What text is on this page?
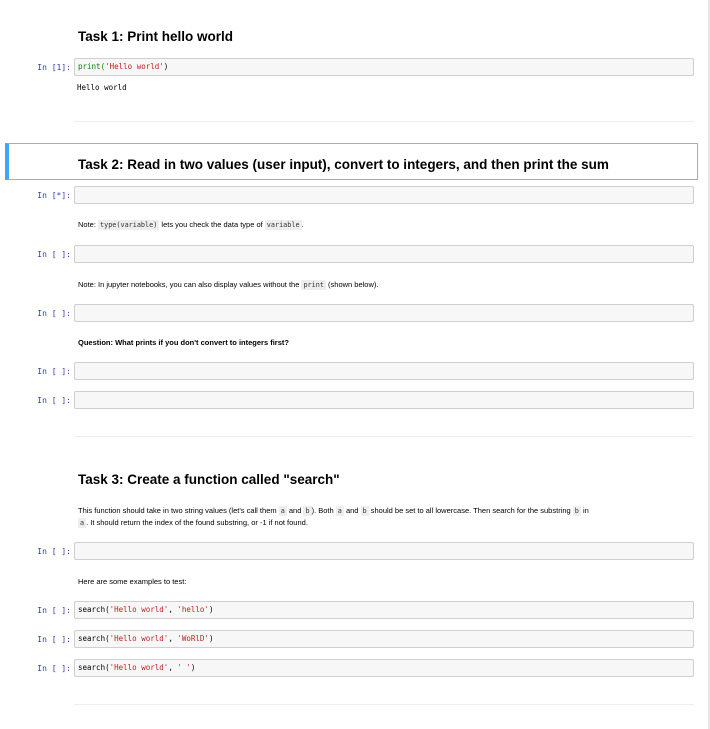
Task 1: Print hello world
In [1]: print('Hello world')
Hello world
Task 2: Read in two values (user input), convert to integers, and then print the sum
In [*]:
Note: type(variable) lets you check the data type of variable .
In [ ]:
Note: In jupyter notebooks, you can also display values without the print (shown below).
In [ ]:
Question: What prints if you don't convert to integers first?
In [ ]:
In [ ]:
Task 3: Create a function called "search"
This function should take in two string values (let's call them a and b ). Both a and b should be set to all lowercase. Then search for the substring b in
a . It should return the index of the found substring, or -1 if not found.
In [ ]:
Here are some examples to test:
In [ ]: search('Hello world', 'hello')
In [ ]: search('Hello world', 'WoRlD')
In [ ]: search('Hello world', ' ')
